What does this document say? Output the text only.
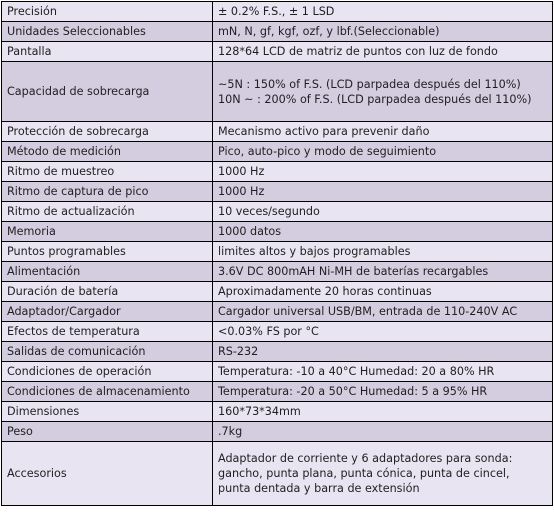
Precisión	± 0.2% F.S., ± 1 LSD
Unidades Seleccionables	mN, N, gf, kgf, ozf, y lbf.(Seleccionable)
Pantalla	128*64 LCD de matriz de puntos con luz de fondo
Capacidad de sobrecarga	~5N : 150% of F.S. (LCD parpadea después del 110%)
10N ~ : 200% of F.S. (LCD parpadea después del 110%)

Protección de sobrecarga	Mecanismo activo para prevenir daño
Método de medición	Pico, auto-pico y modo de seguimiento
Ritmo de muestreo	1000 Hz
Ritmo de captura de pico	1000 Hz
Ritmo de actualización	10 veces/segundo
Memoria	1000 datos
Puntos programables	limites altos y bajos programables
Alimentación	3.6V DC 800mAH Ni-MH de baterías recargables
Duración de batería	Aproximadamente 20 horas continuas
Adaptador/Cargador	Cargador universal USB/BM, entrada de 110-240V AC
Efectos de temperatura	<0.03% FS por °C
Salidas de comunicación	RS-232
Condiciones de operación	Temperatura: -10 a 40°C Humedad: 20 a 80% HR
Condiciones de almacenamiento	Temperatura: -20 a 50°C Humedad: 5 a 95% HR
Dimensiones	160*73*34mm
Peso	.7kg
Accesorios	Adaptador de corriente y 6 adaptadores para sonda:
gancho, punta plana, punta cónica, punta de cincel,
punta dentada y barra de extensión
